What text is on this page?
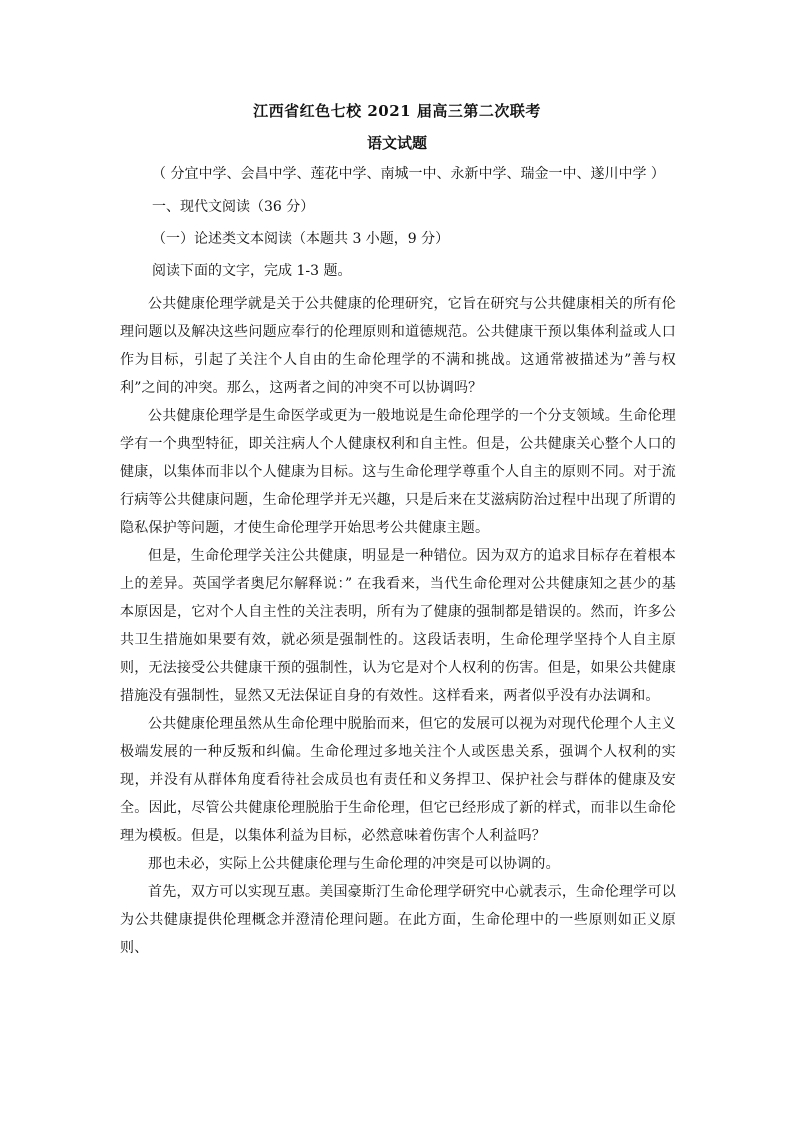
江西省红色七校 2021 届高三第二次联考
语文试题
（ 分宜中学、会昌中学、莲花中学、南城一中、永新中学、瑞金一中、遂川中学 ）
一、现代文阅读（36 分）
（一）论述类文本阅读（本题共 3 小题，9 分）
阅读下面的文字，完成 1-3 题。

公共健康伦理学就是关于公共健康的伦理研究，它旨在研究与公共健康相关的所有伦理问题以及解决这些问题应奉行的伦理原则和道德规范。公共健康干预以集体利益或人口作为目标，引起了关注个人自由的生命伦理学的不满和挑战。这通常被描述为”善与权利”之间的冲突。那么，这两者之间的冲突不可以协调吗？

公共健康伦理学是生命医学或更为一般地说是生命伦理学的一个分支领域。生命伦理学有一个典型特征，即关注病人个人健康权利和自主性。但是，公共健康关心整个人口的健康，以集体而非以个人健康为目标。这与生命伦理学尊重个人自主的原则不同。对于流行病等公共健康问题，生命伦理学并无兴趣，只是后来在艾滋病防治过程中出现了所谓的隐私保护等问题，才使生命伦理学开始思考公共健康主题。

但是，生命伦理学关注公共健康，明显是一种错位。因为双方的追求目标存在着根本上的差异。英国学者奥尼尔解释说：” 在我看来，当代生命伦理对公共健康知之甚少的基本原因是，它对个人自主性的关注表明，所有为了健康的强制都是错误的。然而，许多公共卫生措施如果要有效，就必须是强制性的。这段话表明，生命伦理学坚持个人自主原则，无法接受公共健康干预的强制性，认为它是对个人权利的伤害。但是，如果公共健康措施没有强制性，显然又无法保证自身的有效性。这样看来，两者似乎没有办法调和。

公共健康伦理虽然从生命伦理中脱胎而来，但它的发展可以视为对现代伦理个人主义极端发展的一种反叛和纠偏。生命伦理过多地关注个人或医患关系，强调个人权利的实现，并没有从群体角度看待社会成员也有责任和义务捍卫、保护社会与群体的健康及安全。因此，尽管公共健康伦理脱胎于生命伦理，但它已经形成了新的样式，而非以生命伦理为模板。但是，以集体利益为目标，必然意味着伤害个人利益吗？

那也未必，实际上公共健康伦理与生命伦理的冲突是可以协调的。

首先，双方可以实现互惠。美国豪斯汀生命伦理学研究中心就表示，生命伦理学可以为公共健康提供伦理概念并澄清伦理问题。在此方面，生命伦理中的一些原则如正义原则、
